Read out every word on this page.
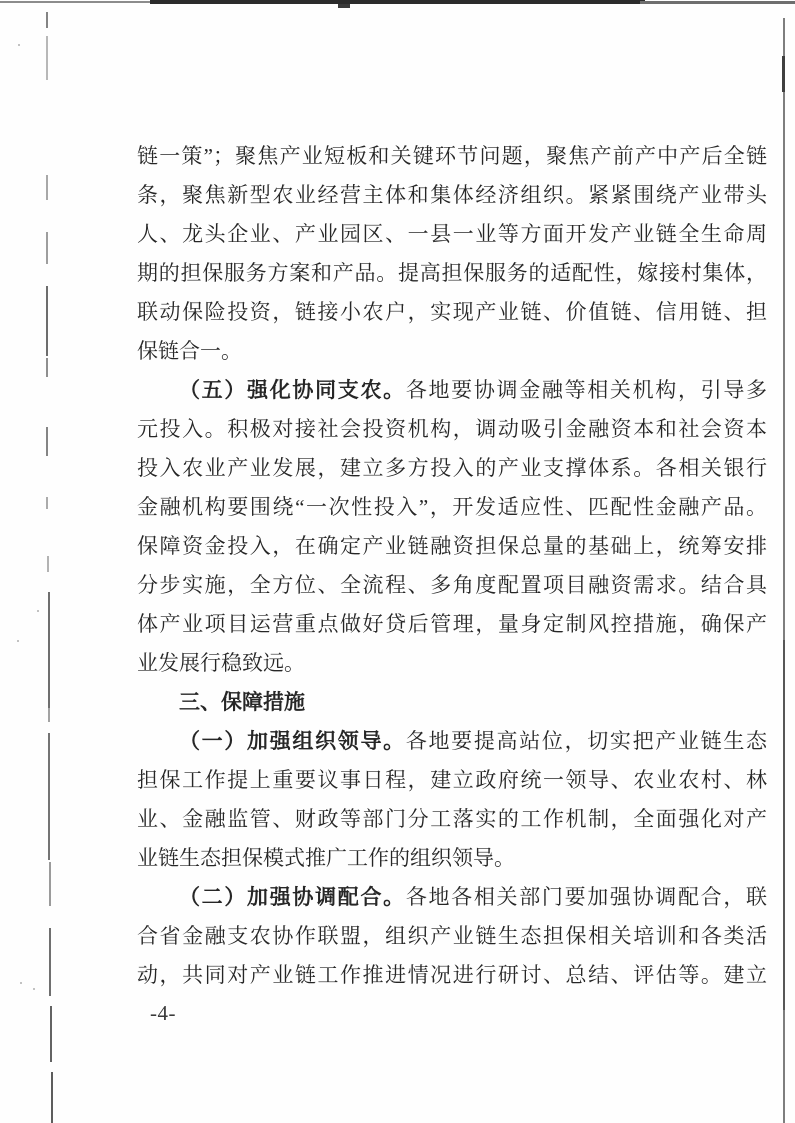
链一策”；聚焦产业短板和关键环节问题，聚焦产前产中产后全链
条，聚焦新型农业经营主体和集体经济组织。紧紧围绕产业带头
人、龙头企业、产业园区、一县一业等方面开发产业链全生命周
期的担保服务方案和产品。提高担保服务的适配性，嫁接村集体，
联动保险投资，链接小农户，实现产业链、价值链、信用链、担
保链合一。
（五）强化协同支农。各地要协调金融等相关机构，引导多
元投入。积极对接社会投资机构，调动吸引金融资本和社会资本
投入农业产业发展，建立多方投入的产业支撑体系。各相关银行
金融机构要围绕“一次性投入”，开发适应性、匹配性金融产品。
保障资金投入，在确定产业链融资担保总量的基础上，统筹安排
分步实施，全方位、全流程、多角度配置项目融资需求。结合具
体产业项目运营重点做好贷后管理，量身定制风控措施，确保产
业发展行稳致远。
三、保障措施
（一）加强组织领导。各地要提高站位，切实把产业链生态
担保工作提上重要议事日程，建立政府统一领导、农业农村、林
业、金融监管、财政等部门分工落实的工作机制，全面强化对产
业链生态担保模式推广工作的组织领导。
（二）加强协调配合。各地各相关部门要加强协调配合，联
合省金融支农协作联盟，组织产业链生态担保相关培训和各类活
动，共同对产业链工作推进情况进行研讨、总结、评估等。建立
-4-
